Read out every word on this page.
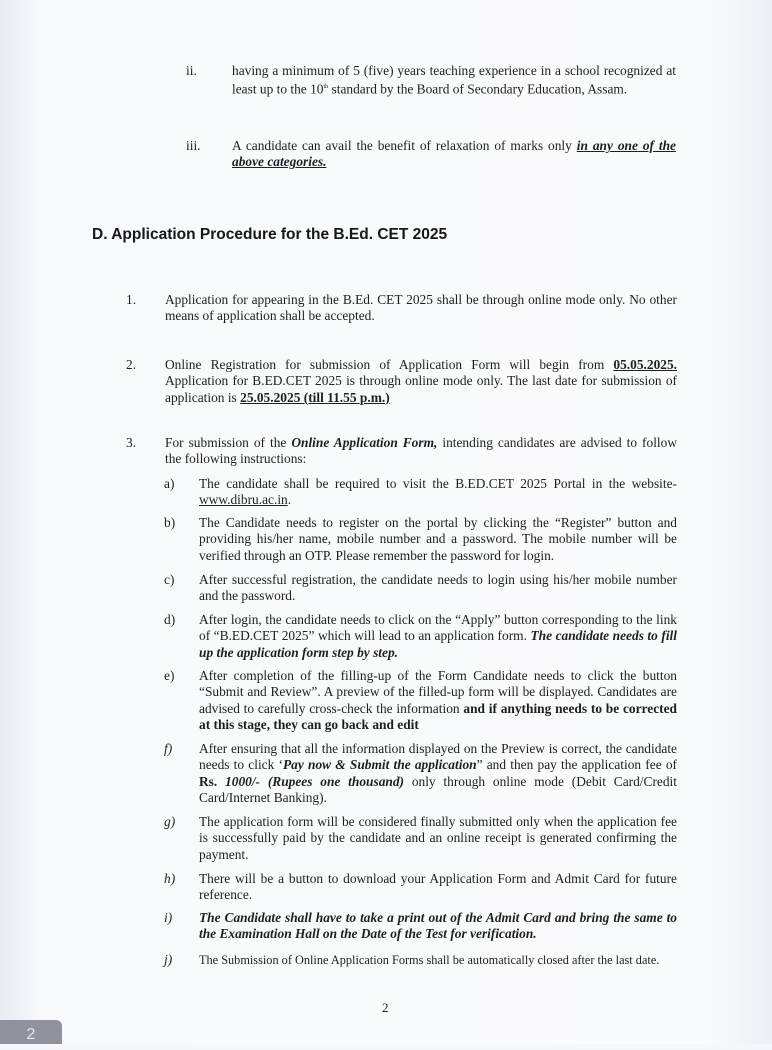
ii.	having a minimum of 5 (five) years teaching experience in a school recognized at least up to the 10th standard by the Board of Secondary Education, Assam.
iii.	A candidate can avail the benefit of relaxation of marks only in any one of the above categories.
D. Application Procedure for the B.Ed. CET 2025
1.	Application for appearing in the B.Ed. CET 2025 shall be through online mode only. No other means of application shall be accepted.
2.	Online Registration for submission of Application Form will begin from 05.05.2025. Application for B.ED.CET 2025 is through online mode only. The last date for submission of application is 25.05.2025 (till 11.55 p.m.)
3.	For submission of the Online Application Form, intending candidates are advised to follow the following instructions:
a)	The candidate shall be required to visit the B.ED.CET 2025 Portal in the website- www.dibru.ac.in.
b)	The Candidate needs to register on the portal by clicking the “Register” button and providing his/her name, mobile number and a password. The mobile number will be verified through an OTP. Please remember the password for login.
c)	After successful registration, the candidate needs to login using his/her mobile number and the password.
d)	After login, the candidate needs to click on the “Apply” button corresponding to the link of “B.ED.CET 2025” which will lead to an application form. The candidate needs to fill up the application form step by step.
e)	After completion of the filling-up of the Form Candidate needs to click the button “Submit and Review”. A preview of the filled-up form will be displayed. Candidates are advised to carefully cross-check the information and if anything needs to be corrected at this stage, they can go back and edit
f)	After ensuring that all the information displayed on the Preview is correct, the candidate needs to click ‘Pay now & Submit the application” and then pay the application fee of Rs. 1000/- (Rupees one thousand) only through online mode (Debit Card/Credit Card/Internet Banking).
g)	The application form will be considered finally submitted only when the application fee is successfully paid by the candidate and an online receipt is generated confirming the payment.
h)	There will be a button to download your Application Form and Admit Card for future reference.
i)	The Candidate shall have to take a print out of the Admit Card and bring the same to the Examination Hall on the Date of the Test for verification.
j)	The Submission of Online Application Forms shall be automatically closed after the last date.
2
2
